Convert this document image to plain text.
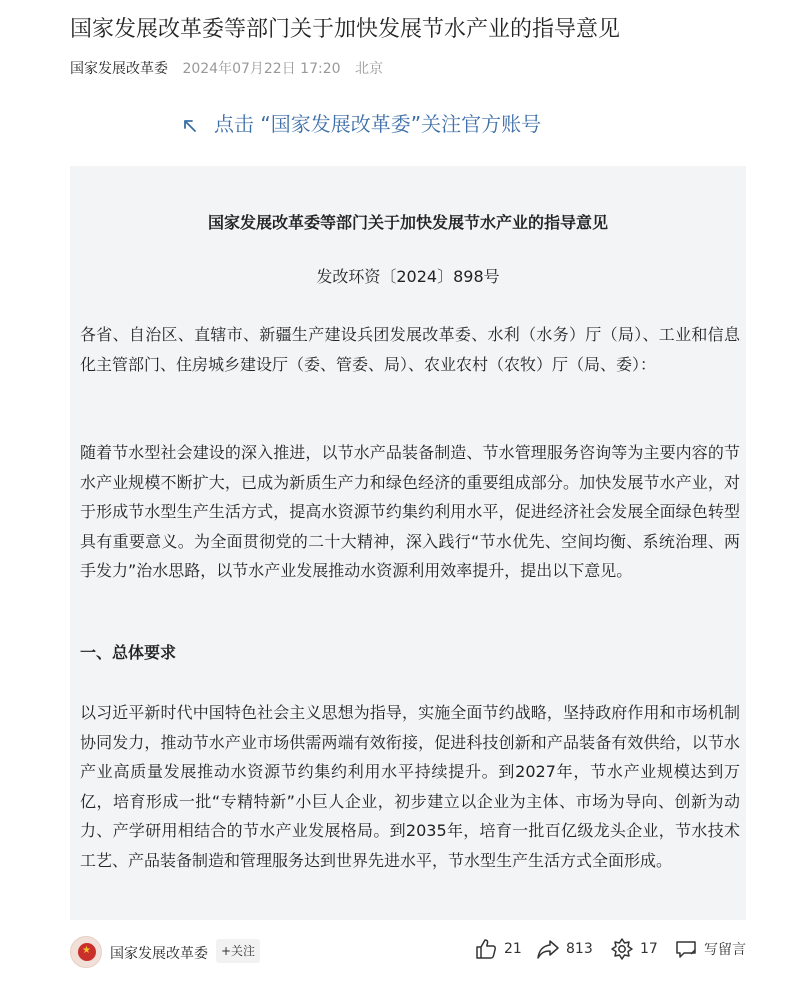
国家发展改革委等部门关于加快发展节水产业的指导意见
国家发展改革委 2024年07月22日 17:20 北京
点击 “国家发展改革委”关注官方账号
国家发展改革委等部门关于加快发展节水产业的指导意见
发改环资〔2024〕898号

各省、自治区、直辖市、新疆生产建设兵团发展改革委、水利（水务）厅（局）、工业和信息化主管部门、住房城乡建设厅（委、管委、局）、农业农村（农牧）厅（局、委）：

随着节水型社会建设的深入推进，以节水产品装备制造、节水管理服务咨询等为主要内容的节水产业规模不断扩大，已成为新质生产力和绿色经济的重要组成部分。加快发展节水产业，对于形成节水型生产生活方式，提高水资源节约集约利用水平，促进经济社会发展全面绿色转型具有重要意义。为全面贯彻党的二十大精神，深入践行“节水优先、空间均衡、系统治理、两手发力”治水思路，以节水产业发展推动水资源利用效率提升，提出以下意见。

一、总体要求

以习近平新时代中国特色社会主义思想为指导，实施全面节约战略，坚持政府作用和市场机制协同发力，推动节水产业市场供需两端有效衔接，促进科技创新和产品装备有效供给，以节水产业高质量发展推动水资源节约集约利用水平持续提升。到2027年，节水产业规模达到万亿，培育形成一批“专精特新”小巨人企业，初步建立以企业为主体、市场为导向、创新为动力、产学研用相结合的节水产业发展格局。到2035年，培育一批百亿级龙头企业，节水技术工艺、产品装备制造和管理服务达到世界先进水平，节水型生产生活方式全面形成。

★ 国家发展改革委	+关注	21	813	17	写留言
